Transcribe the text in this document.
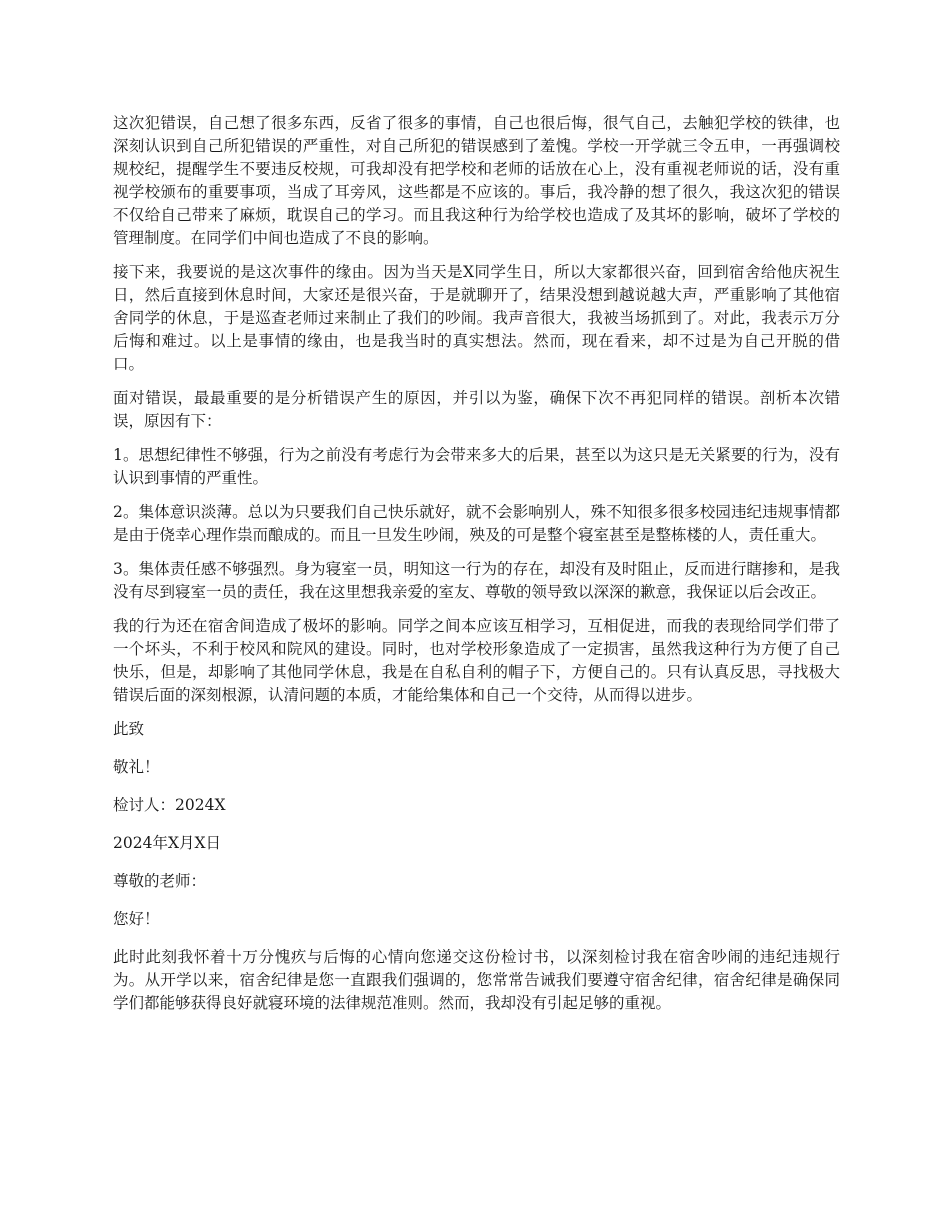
这次犯错误，自己想了很多东西，反省了很多的事情，自己也很后悔，很气自己，去触犯学校的铁律，也深刻认识到自己所犯错误的严重性，对自己所犯的错误感到了羞愧。学校一开学就三令五申，一再强调校规校纪，提醒学生不要违反校规，可我却没有把学校和老师的话放在心上，没有重视老师说的话，没有重视学校颁布的重要事项，当成了耳旁风，这些都是不应该的。事后，我冷静的想了很久，我这次犯的错误不仅给自己带来了麻烦，耽误自己的学习。而且我这种行为给学校也造成了及其坏的影响，破坏了学校的管理制度。在同学们中间也造成了不良的影响。

接下来，我要说的是这次事件的缘由。因为当天是X同学生日，所以大家都很兴奋，回到宿舍给他庆祝生日，然后直接到休息时间，大家还是很兴奋，于是就聊开了，结果没想到越说越大声，严重影响了其他宿舍同学的休息，于是巡查老师过来制止了我们的吵闹。我声音很大，我被当场抓到了。对此，我表示万分后悔和难过。以上是事情的缘由，也是我当时的真实想法。然而，现在看来，却不过是为自己开脱的借口。

面对错误，最最重要的是分析错误产生的原因，并引以为鉴，确保下次不再犯同样的错误。剖析本次错误，原因有下：

1。思想纪律性不够强，行为之前没有考虑行为会带来多大的后果，甚至以为这只是无关紧要的行为，没有认识到事情的严重性。

2。集体意识淡薄。总以为只要我们自己快乐就好，就不会影响别人，殊不知很多很多校园违纪违规事情都是由于侥幸心理作祟而酿成的。而且一旦发生吵闹，殃及的可是整个寝室甚至是整栋楼的人，责任重大。

3。集体责任感不够强烈。身为寝室一员，明知这一行为的存在，却没有及时阻止，反而进行瞎掺和，是我没有尽到寝室一员的责任，我在这里想我亲爱的室友、尊敬的领导致以深深的歉意，我保证以后会改正。

我的行为还在宿舍间造成了极坏的影响。同学之间本应该互相学习，互相促进，而我的表现给同学们带了一个坏头，不利于校风和院风的建设。同时，也对学校形象造成了一定损害，虽然我这种行为方便了自己快乐，但是，却影响了其他同学休息，我是在自私自利的帽子下，方便自己的。只有认真反思，寻找极大错误后面的深刻根源，认清问题的本质，才能给集体和自己一个交待，从而得以进步。

此致

敬礼！

检讨人：2024X

2024年X月X日

尊敬的老师：

您好！

此时此刻我怀着十万分愧疚与后悔的心情向您递交这份检讨书，以深刻检讨我在宿舍吵闹的违纪违规行为。从开学以来，宿舍纪律是您一直跟我们强调的，您常常告诫我们要遵守宿舍纪律，宿舍纪律是确保同学们都能够获得良好就寝环境的法律规范准则。然而，我却没有引起足够的重视。
